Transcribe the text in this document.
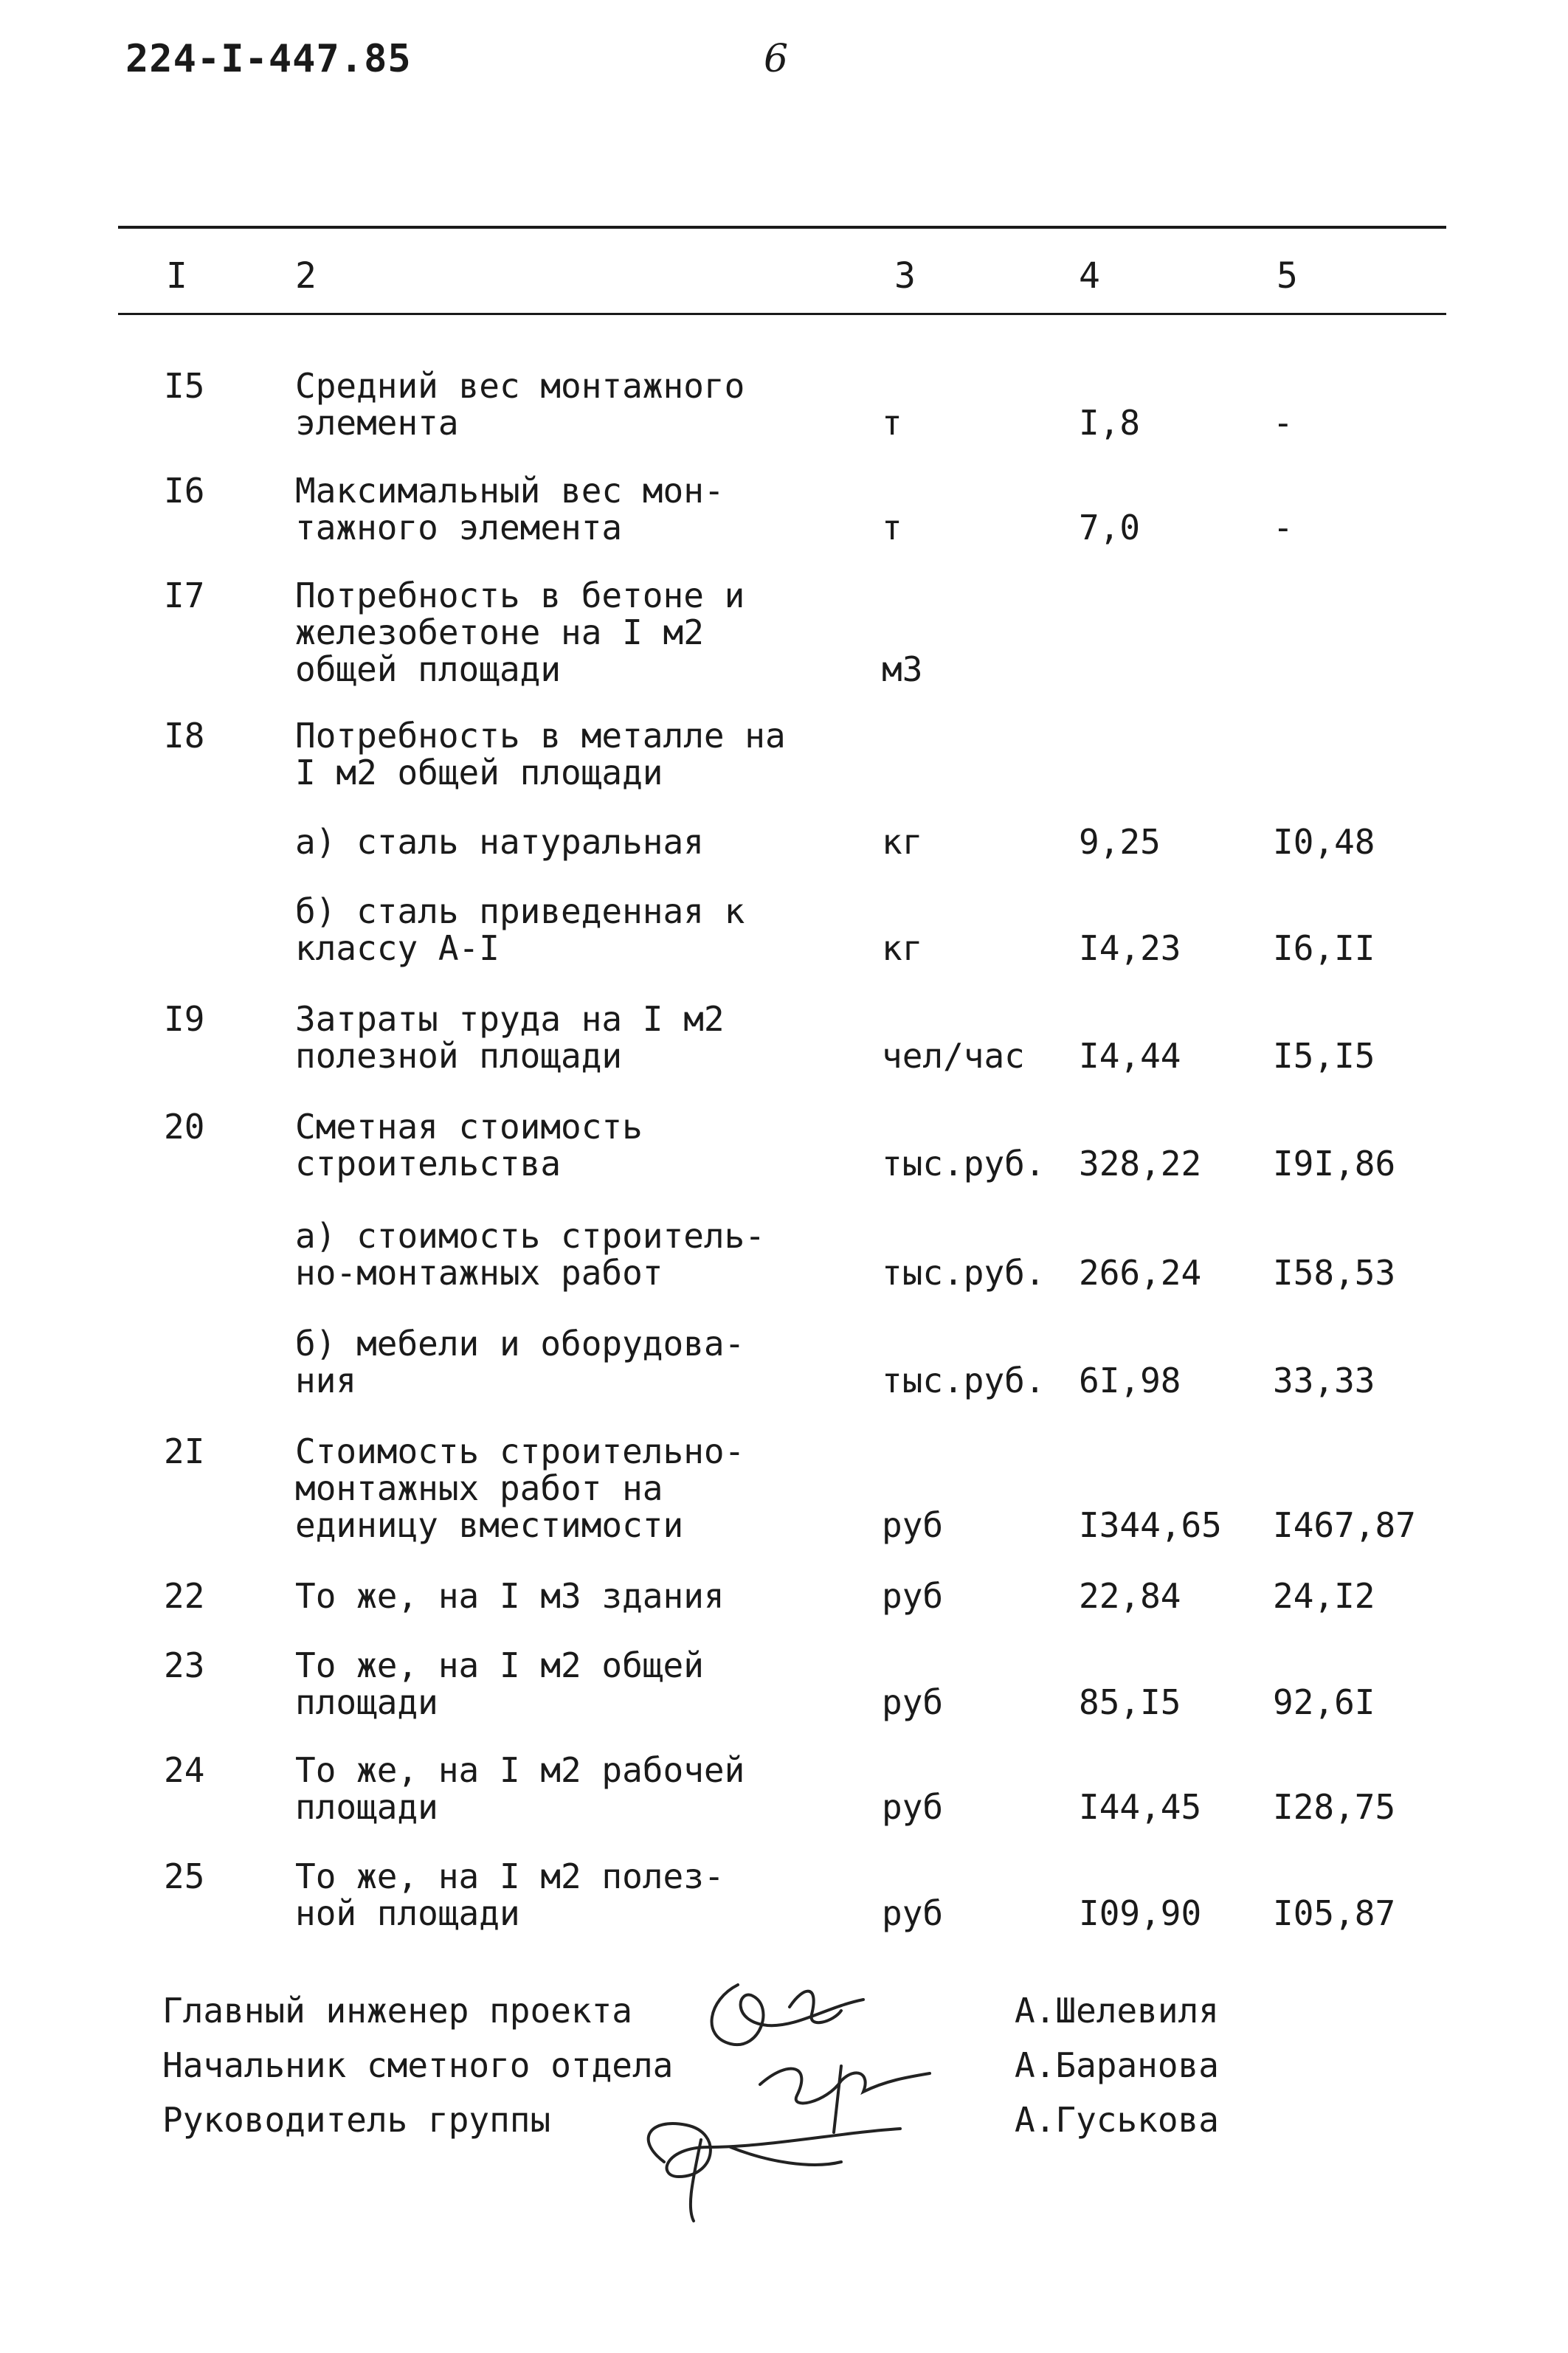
224-I-447.85	6
I	2	3	4	5
I5	Средний вес монтажного
элемента	т	I,8	-
I6	Максимальный вес мон-
тажного элемента	т	7,0	-
I7	Потребность в бетоне и
железобетоне на I м2
общей площади	м3
I8	Потребность в металле на
I м2 общей площади
а) сталь натуральная	кг	9,25	I0,48
б) сталь приведенная к
классу А-I	кг	I4,23	I6,II
I9	Затраты труда на I м2
полезной площади	чел/час I4,44	I5,I5
20	Сметная стоимость
строительства	тыс.руб. 328,22 I9I,86
а) стоимость строитель-
но-монтажных работ	тыс.руб. 266,24 I58,53
б) мебели и оборудова-
ния	тыс.руб. 6I,98	33,33
2I	Стоимость строительно-
монтажных работ на
единицу вместимости	руб	I344,65 I467,87
22	То же, на I м3 здания	руб	22,84	24,I2
23	То же, на I м2 общей
площади	руб	85,I5	92,6I
24	То же, на I м2 рабочей
площади	руб	I44,45 I28,75
25	То же, на I м2 полез-
ной площади	руб	I09,90 I05,87
Главный инженер проекта	А.Шелевиля
Начальник сметного отдела	А.Баранова
Руководитель группы	А.Гуськова
